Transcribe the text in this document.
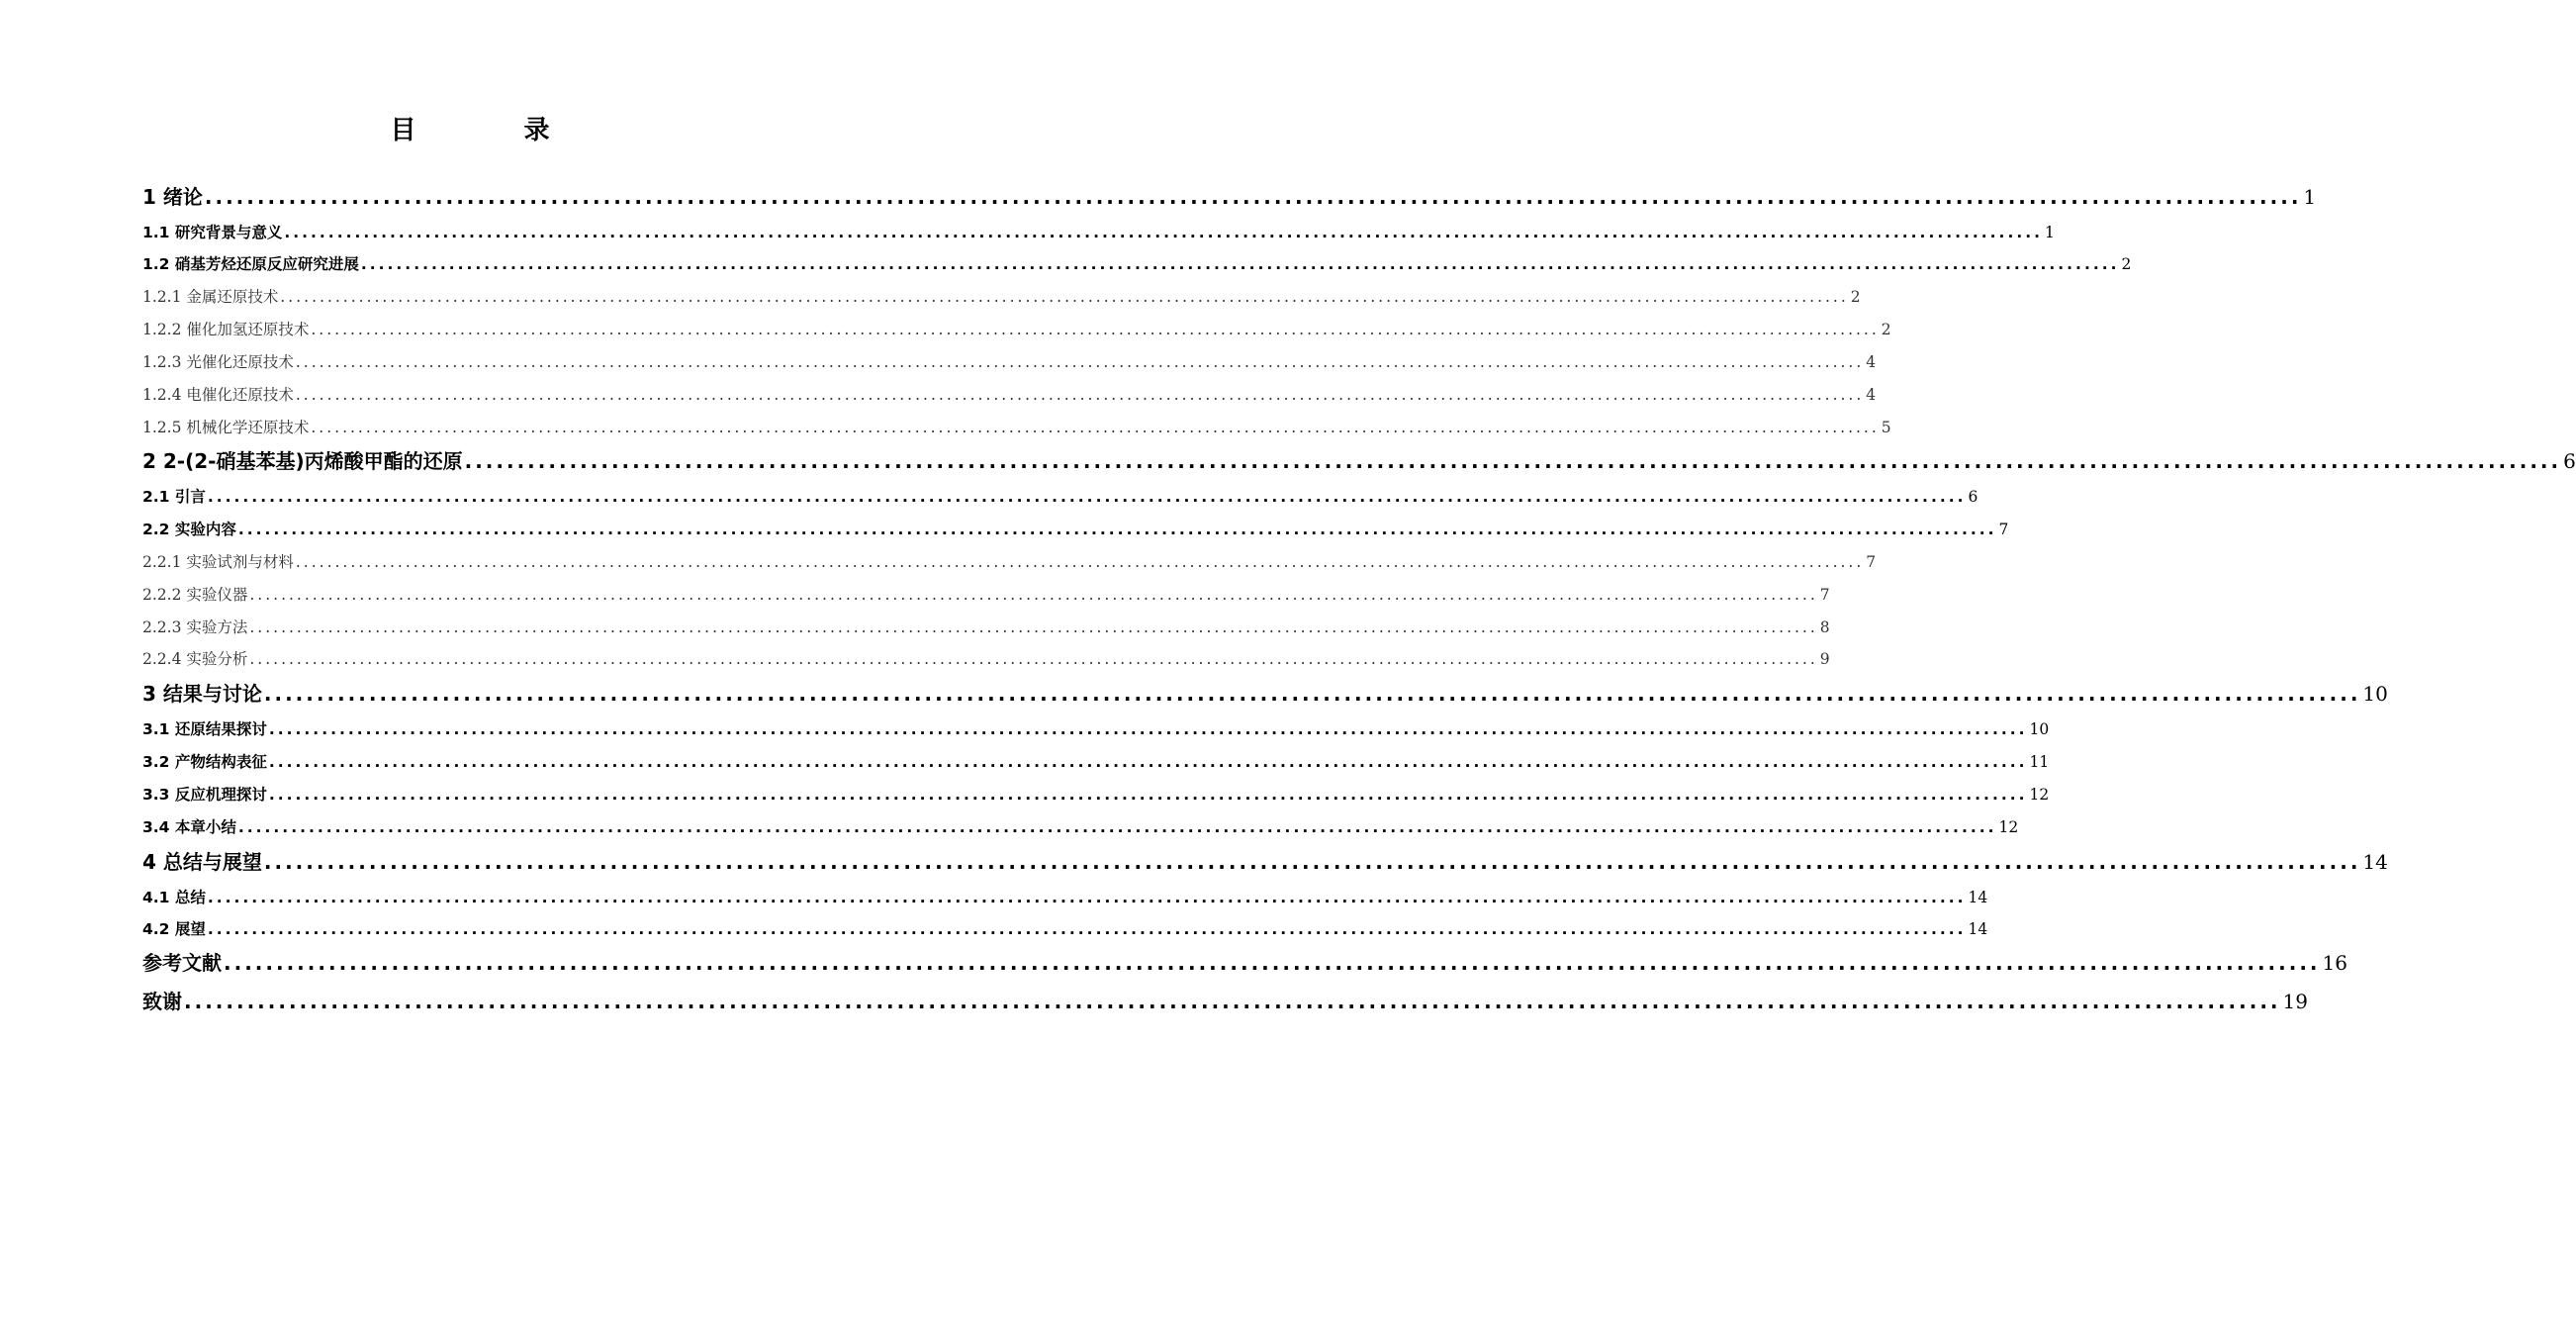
目 录
1 绪论 ........................................................................................................................................................................................................ 1
1.1 研究背景与意义 ........................................................................................................................................................................................................ 1
1.2 硝基芳烃还原反应研究进展 ........................................................................................................................................................................................................ 2
1.2.1 金属还原技术 ........................................................................................................................................................................................................ 2
1.2.2 催化加氢还原技术 ........................................................................................................................................................................................................ 2
1.2.3 光催化还原技术 ........................................................................................................................................................................................................ 4
1.2.4 电催化还原技术 ........................................................................................................................................................................................................ 4
1.2.5 机械化学还原技术 ........................................................................................................................................................................................................ 5
2 2-(2-硝基苯基)丙烯酸甲酯的还原 ........................................................................................................................................................................................................ 6
2.1 引言 ........................................................................................................................................................................................................ 6
2.2 实验内容 ........................................................................................................................................................................................................ 7
2.2.1 实验试剂与材料 ........................................................................................................................................................................................................ 7
2.2.2 实验仪器 ........................................................................................................................................................................................................ 7
2.2.3 实验方法 ........................................................................................................................................................................................................ 8
2.2.4 实验分析 ........................................................................................................................................................................................................ 9
3 结果与讨论 ........................................................................................................................................................................................................ 10
3.1 还原结果探讨 ........................................................................................................................................................................................................ 10
3.2 产物结构表征 ........................................................................................................................................................................................................ 11
3.3 反应机理探讨 ........................................................................................................................................................................................................ 12
3.4 本章小结 ........................................................................................................................................................................................................ 12
4 总结与展望 ........................................................................................................................................................................................................ 14
4.1 总结 ........................................................................................................................................................................................................ 14
4.2 展望 ........................................................................................................................................................................................................ 14
参考文献 ........................................................................................................................................................................................................ 16
致谢 ........................................................................................................................................................................................................ 19
